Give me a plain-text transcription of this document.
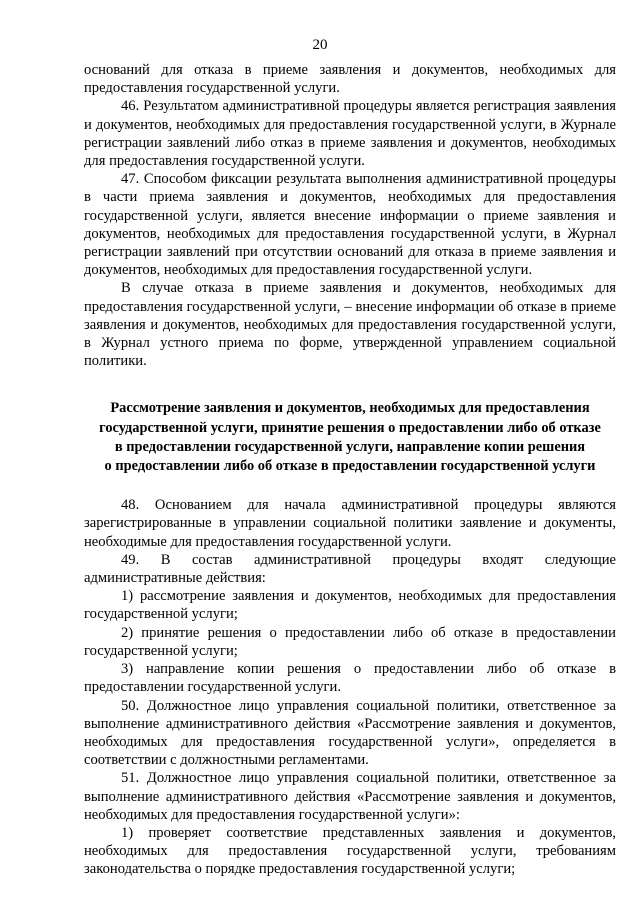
20

оснований для отказа в приеме заявления и документов, необходимых для предоставления государственной услуги.

46. Результатом административной процедуры является регистрация заявления и документов, необходимых для предоставления государственной услуги, в Журнале регистрации заявлений либо отказ в приеме заявления и документов, необходимых для предоставления государственной услуги.

47. Способом фиксации результата выполнения административной процедуры в части приема заявления и документов, необходимых для предоставления государственной услуги, является внесение информации о приеме заявления и документов, необходимых для предоставления государственной услуги, в Журнал регистрации заявлений при отсутствии оснований для отказа в приеме заявления и документов, необходимых для предоставления государственной услуги.

В случае отказа в приеме заявления и документов, необходимых для предоставления государственной услуги, – внесение информации об отказе в приеме заявления и документов, необходимых для предоставления государственной услуги, в Журнал устного приема по форме, утвержденной управлением социальной политики.

Рассмотрение заявления и документов, необходимых для предоставления
государственной услуги, принятие решения о предоставлении либо об отказе
в предоставлении государственной услуги, направление копии решения
о предоставлении либо об отказе в предоставлении государственной услуги

48. Основанием для начала административной процедуры являются зарегистрированные в управлении социальной политики заявление и документы, необходимые для предоставления государственной услуги.

49. В состав административной процедуры входят следующие административные действия:

1) рассмотрение заявления и документов, необходимых для предоставления государственной услуги;

2) принятие решения о предоставлении либо об отказе в предоставлении государственной услуги;

3) направление копии решения о предоставлении либо об отказе в предоставлении государственной услуги.

50. Должностное лицо управления социальной политики, ответственное за выполнение административного действия «Рассмотрение заявления и документов, необходимых для предоставления государственной услуги», определяется в соответствии с должностными регламентами.

51. Должностное лицо управления социальной политики, ответственное за выполнение административного действия «Рассмотрение заявления и документов, необходимых для предоставления государственной услуги»:

1) проверяет соответствие представленных заявления и документов, необходимых для предоставления государственной услуги, требованиям законодательства о порядке предоставления государственной услуги;
